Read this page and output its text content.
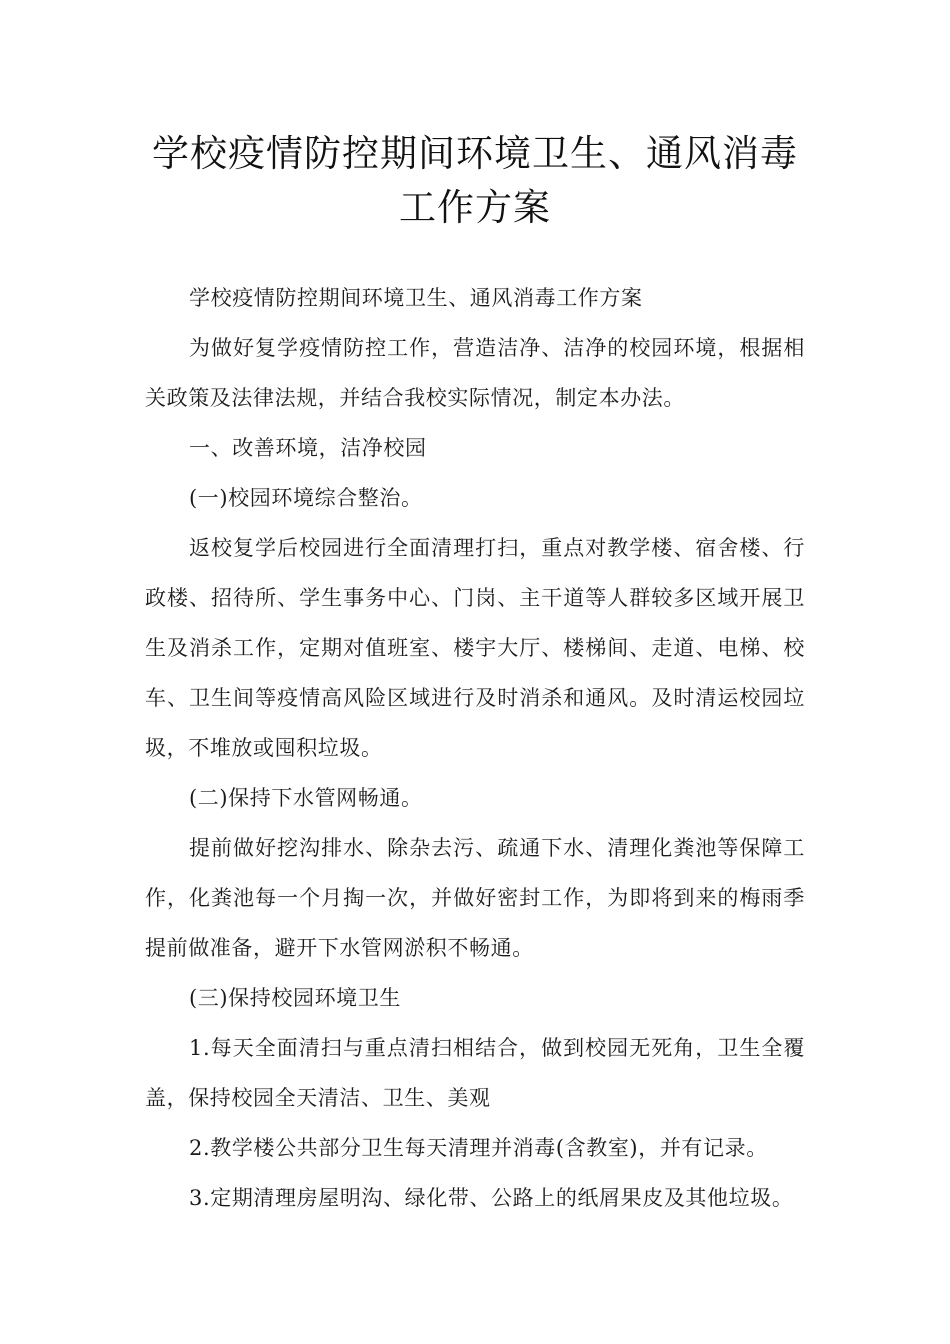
学校疫情防控期间环境卫生、通风消毒
工作方案

学校疫情防控期间环境卫生、通风消毒工作方案

为做好复学疫情防控工作，营造洁净、洁净的校园环境，根据相关政策及法律法规，并结合我校实际情况，制定本办法。

一、改善环境，洁净校园

(一)校园环境综合整治。

返校复学后校园进行全面清理打扫，重点对教学楼、宿舍楼、行政楼、招待所、学生事务中心、门岗、主干道等人群较多区域开展卫生及消杀工作，定期对值班室、楼宇大厅、楼梯间、走道、电梯、校车、卫生间等疫情高风险区域进行及时消杀和通风。及时清运校园垃圾，不堆放或囤积垃圾。

(二)保持下水管网畅通。

提前做好挖沟排水、除杂去污、疏通下水、清理化粪池等保障工作，化粪池每一个月掏一次，并做好密封工作，为即将到来的梅雨季提前做准备，避开下水管网淤积不畅通。

(三)保持校园环境卫生

1.每天全面清扫与重点清扫相结合，做到校园无死角，卫生全覆盖，保持校园全天清洁、卫生、美观

2.教学楼公共部分卫生每天清理并消毒(含教室)，并有记录。

3.定期清理房屋明沟、绿化带、公路上的纸屑果皮及其他垃圾。
